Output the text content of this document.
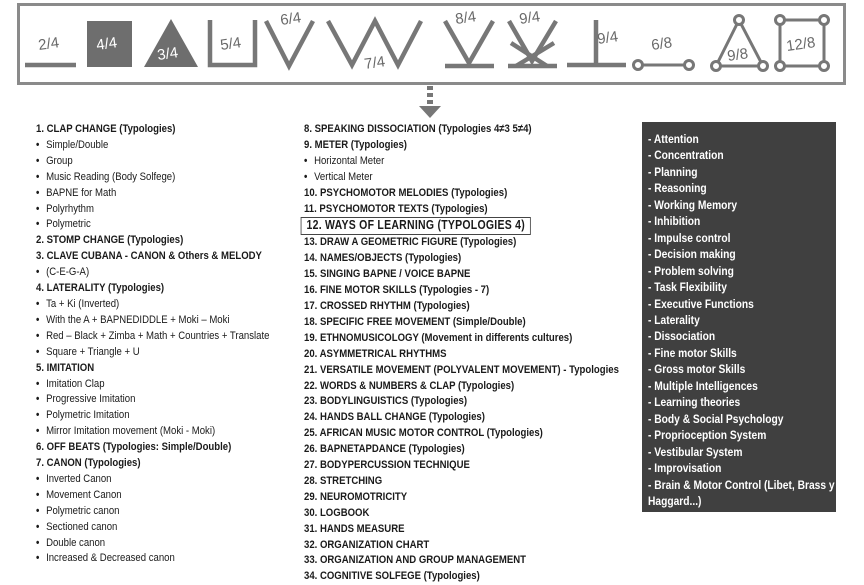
2/4 4/4
3/4
5/4
6/4
7/4
8/4	9/4
9/4 6/8
9/8
12/8
1. CLAP CHANGE (Typologies)
• Simple/Double
• Group
• Music Reading (Body Solfege)
• BAPNE for Math
• Polyrhythm
• Polymetric
2. STOMP CHANGE (Typologies)
3. CLAVE CUBANA - CANON & Others & MELODY
• (C-E-G-A)
4. LATERALITY (Typologies)
• Ta + Ki (Inverted)
• With the A + BAPNEDIDDLE + Moki – Moki
• Red – Black + Zimba + Math + Countries + Translate
• Square + Triangle + U
5. IMITATION
• Imitation Clap
• Progressive Imitation
• Polymetric Imitation
• Mirror Imitation movement (Moki - Moki)
6. OFF BEATS (Typologies: Simple/Double)
7. CANON (Typologies)
• Inverted Canon
• Movement Canon
• Polymetric canon
• Sectioned canon
• Double canon
• Increased & Decreased canon
8. SPEAKING DISSOCIATION (Typologies 4≠3 5≠4)
9. METER (Typologies)
• Horizontal Meter
• Vertical Meter
10. PSYCHOMOTOR MELODIES (Typologies)
11. PSYCHOMOTOR TEXTS (Typologies)
12. WAYS OF LEARNING (TYPOLOGIES 4)
13. DRAW A GEOMETRIC FIGURE (Typologies)
14. NAMES/OBJECTS (Typologies)
15. SINGING BAPNE / VOICE BAPNE
16. FINE MOTOR SKILLS (Typologies - 7)
17. CROSSED RHYTHM (Typologies)
18. SPECIFIC FREE MOVEMENT (Simple/Double)
19. ETHNOMUSICOLOGY (Movement in differents cultures)
20. ASYMMETRICAL RHYTHMS
21. VERSATILE MOVEMENT (POLYVALENT MOVEMENT) - Typologies
22. WORDS & NUMBERS & CLAP (Typologies)
23. BODYLINGUISTICS (Typologies)
24. HANDS BALL CHANGE (Typologies)
25. AFRICAN MUSIC MOTOR CONTROL (Typologies)
26. BAPNETAPDANCE (Typologies)
27. BODYPERCUSSION TECHNIQUE
28. STRETCHING
29. NEUROMOTRICITY
30. LOGBOOK
31. HANDS MEASURE
32. ORGANIZATION CHART
33. ORGANIZATION AND GROUP MANAGEMENT
34. COGNITIVE SOLFEGE (Typologies)
- Attention
- Concentration
- Planning
- Reasoning
- Working Memory
- Inhibition
- Impulse control
- Decision making
- Problem solving
- Task Flexibility
- Executive Functions
- Laterality
- Dissociation
- Fine motor Skills
- Gross motor Skills
- Multiple Intelligences
- Learning theories
- Body & Social Psychology
- Proprioception System
- Vestibular System
- Improvisation
- Brain & Motor Control (Libet, Brass y
Haggard...)
